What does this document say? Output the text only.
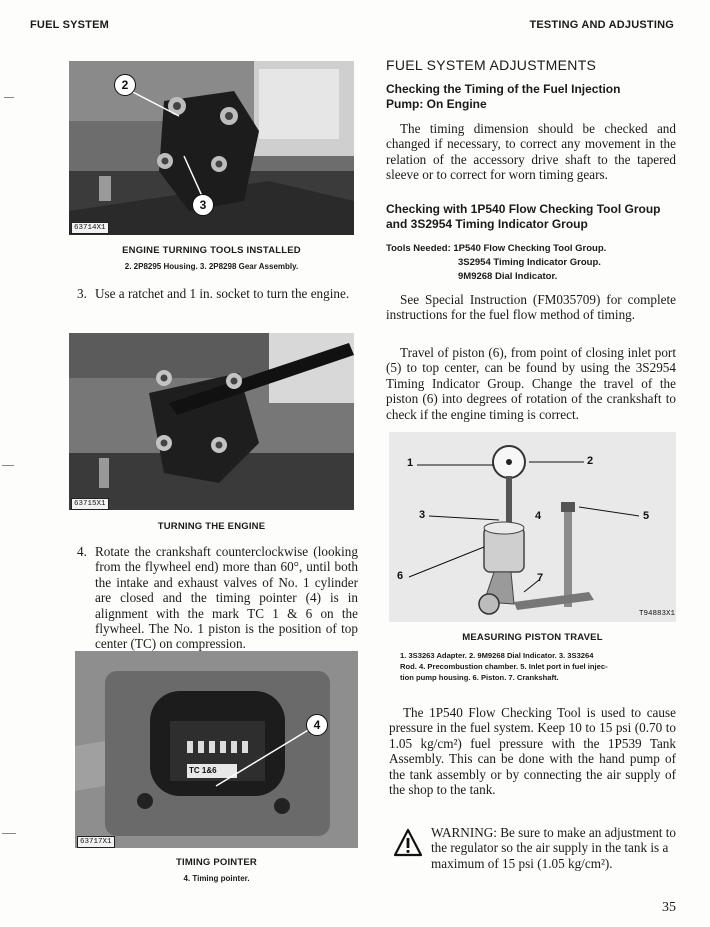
FUEL SYSTEM	TESTING AND ADJUSTING
2
3
63714X1
ENGINE TURNING TOOLS INSTALLED
2. 2P8295 Housing. 3. 2P8298 Gear Assembly.
3. Use a ratchet and 1 in. socket to turn the engine.
63715X1
TURNING THE ENGINE
4. Rotate the crankshaft counterclockwise (looking from the flywheel end) more than 60°, until both the intake and exhaust valves of No. 1 cylinder are closed and the timing pointer (4) is in alignment with the mark TC 1 & 6 on the flywheel. The No. 1 piston is the position of top center (TC) on compression.
TC 1&6
4
63717X1
TIMING POINTER
4. Timing pointer.
FUEL SYSTEM ADJUSTMENTS
Checking the Timing of the Fuel Injection
Pump: On Engine
The timing dimension should be checked and changed if necessary, to correct any movement in the relation of the accessory drive shaft to the tapered sleeve or to correct for worn timing gears.
Checking with 1P540 Flow Checking Tool Group
and 3S2954 Timing Indicator Group
Tools Needed: 1P540 Flow Checking Tool Group.
3S2954 Timing Indicator Group.
9M9268 Dial Indicator.
See Special Instruction (FM035709) for complete instructions for the fuel flow method of timing.
Travel of piston (6), from point of closing inlet port (5) to top center, can be found by using the 3S2954 Timing Indicator Group. Change the travel of the piston (6) into degrees of rotation of the crankshaft to check if the engine timing is correct.
1	2
3	4	5
6	7
T94883X1
MEASURING PISTON TRAVEL
1. 3S3263 Adapter. 2. 9M9268 Dial Indicator. 3. 3S3264
Rod. 4. Precombustion chamber. 5. Inlet port in fuel injec-
tion pump housing. 6. Piston. 7. Crankshaft.
The 1P540 Flow Checking Tool is used to cause pressure in the fuel system. Keep 10 to 15 psi (0.70 to 1.05 kg/cm²) fuel pressure with the 1P539 Tank Assembly. This can be done with the hand pump of the tank assembly or by connecting the air supply of the shop to the tank.
WARNING: Be sure to make an adjustment to the regulator so the air supply in the tank is a maximum of 15 psi (1.05 kg/cm²).
35
